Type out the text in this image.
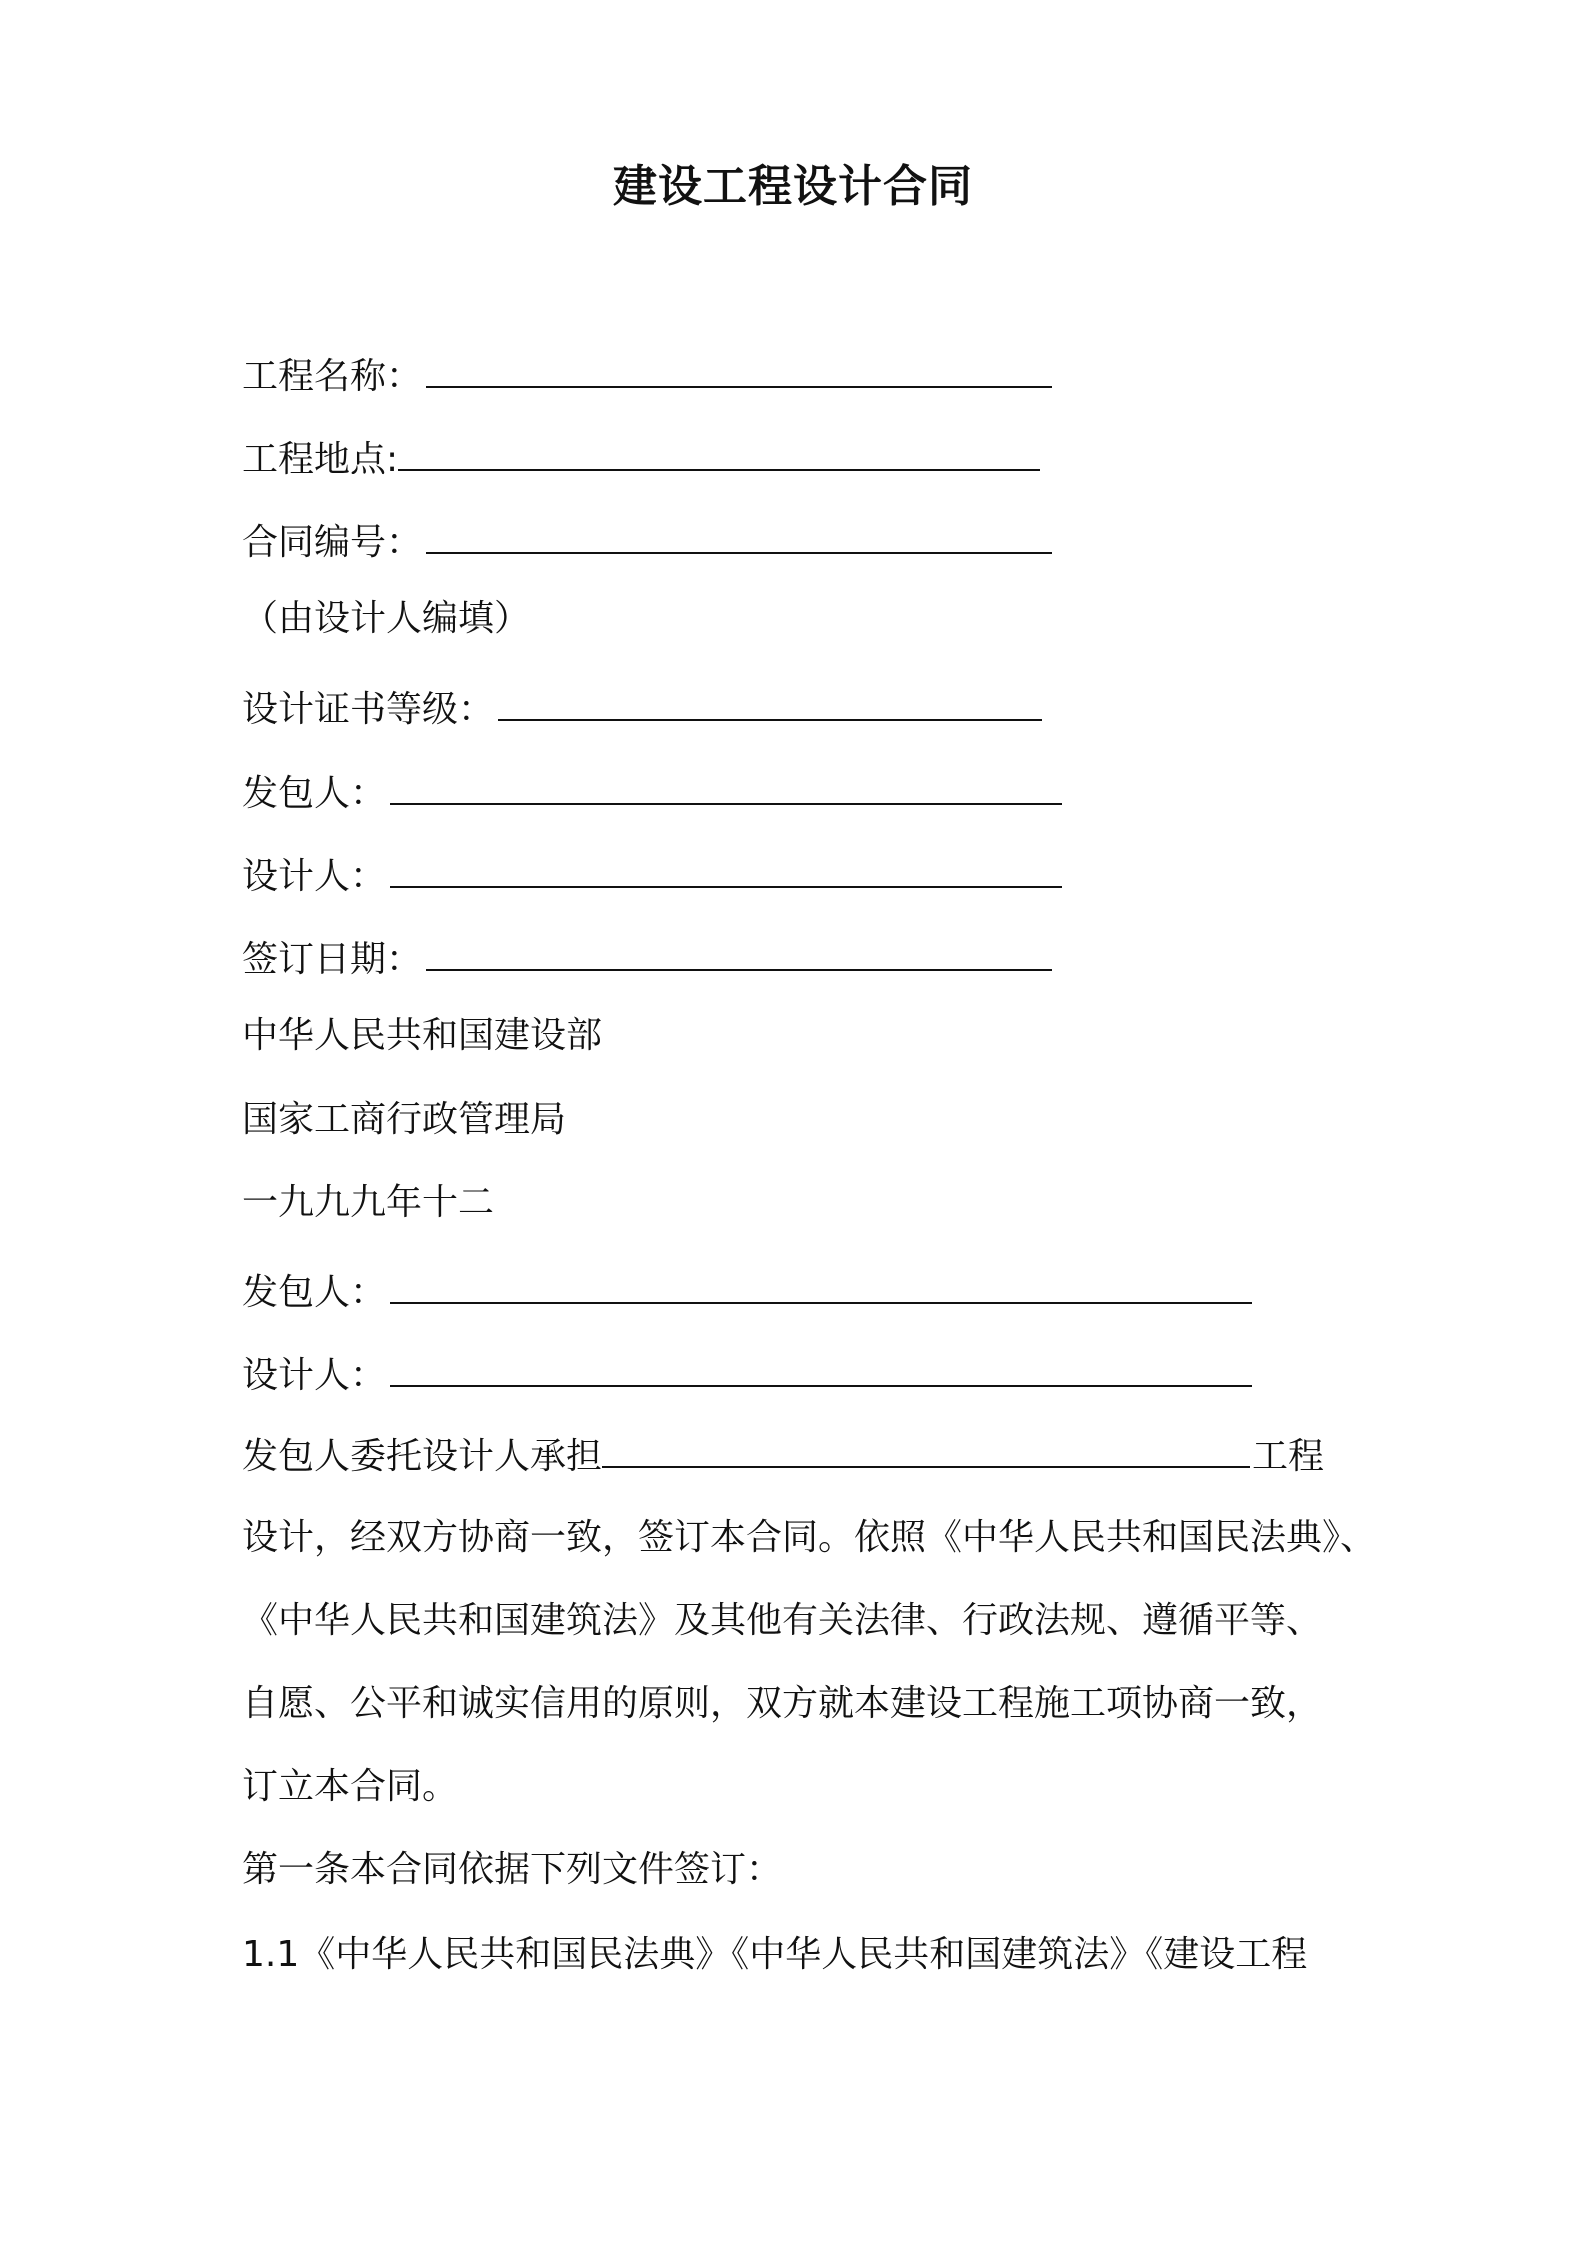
建设工程设计合同
工程名称：
工程地点:
合同编号：
（由设计人编填）
设计证书等级：
发包人：
设计人：
签订日期：
中华人民共和国建设部
国家工商行政管理局
一九九九年十二
发包人：
设计人：
发包人委托设计人承担	工程
设计，经双方协商一致，签订本合同。依照《中华人民共和国民法典》、
《中华人民共和国建筑法》及其他有关法律、行政法规、遵循平等、
自愿、公平和诚实信用的原则，双方就本建设工程施工项协商一致，
订立本合同。
第一条本合同依据下列文件签订：
1.1《中华人民共和国民法典》《中华人民共和国建筑法》《建设工程
